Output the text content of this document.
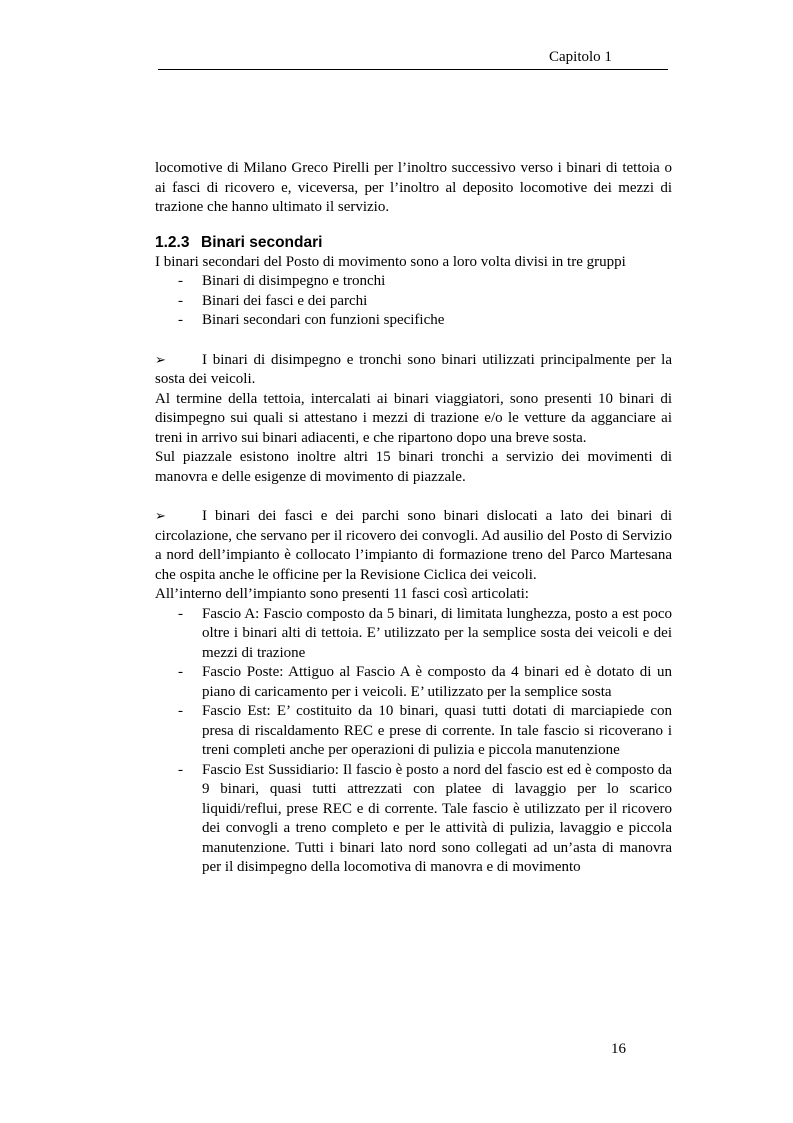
Capitolo 1

locomotive di Milano Greco Pirelli per l’inoltro successivo verso i binari di tettoia o ai fasci di ricovero e, viceversa, per l’inoltro al deposito locomotive dei mezzi di trazione che hanno ultimato il servizio.

1.2.3 Binari secondari

I binari secondari del Posto di movimento sono a loro volta divisi in tre gruppi

- Binari di disimpegno e tronchi
- Binari dei fasci e dei parchi
- Binari secondari con funzioni specifiche

➢ I binari di disimpegno e tronchi sono binari utilizzati principalmente per la sosta dei veicoli.

Al termine della tettoia, intercalati ai binari viaggiatori, sono presenti 10 binari di disimpegno sui quali si attestano i mezzi di trazione e/o le vetture da agganciare ai treni in arrivo sui binari adiacenti, e che ripartono dopo una breve sosta.

Sul piazzale esistono inoltre altri 15 binari tronchi a servizio dei movimenti di manovra e delle esigenze di movimento di piazzale.

➢ I binari dei fasci e dei parchi sono binari dislocati a lato dei binari di circolazione, che servano per il ricovero dei convogli. Ad ausilio del Posto di Servizio a nord dell’impianto è collocato l’impianto di formazione treno del Parco Martesana che ospita anche le officine per la Revisione Ciclica dei veicoli.

All’interno dell’impianto sono presenti 11 fasci così articolati:

- Fascio A: Fascio composto da 5 binari, di limitata lunghezza, posto a est poco oltre i binari alti di tettoia. E’ utilizzato per la semplice sosta dei veicoli e dei mezzi di trazione
- Fascio Poste: Attiguo al Fascio A è composto da 4 binari ed è dotato di un piano di caricamento per i veicoli. E’ utilizzato per la semplice sosta
- Fascio Est: E’ costituito da 10 binari, quasi tutti dotati di marciapiede con presa di riscaldamento REC e prese di corrente. In tale fascio si ricoverano i treni completi anche per operazioni di pulizia e piccola manutenzione
- Fascio Est Sussidiario: Il fascio è posto a nord del fascio est ed è composto da 9 binari, quasi tutti attrezzati con platee di lavaggio per lo scarico liquidi/reflui, prese REC e di corrente. Tale fascio è utilizzato per il ricovero dei convogli a treno completo e per le attività di pulizia, lavaggio e piccola manutenzione. Tutti i binari lato nord sono collegati ad un’asta di manovra per il disimpegno della locomotiva di manovra e di movimento
16
